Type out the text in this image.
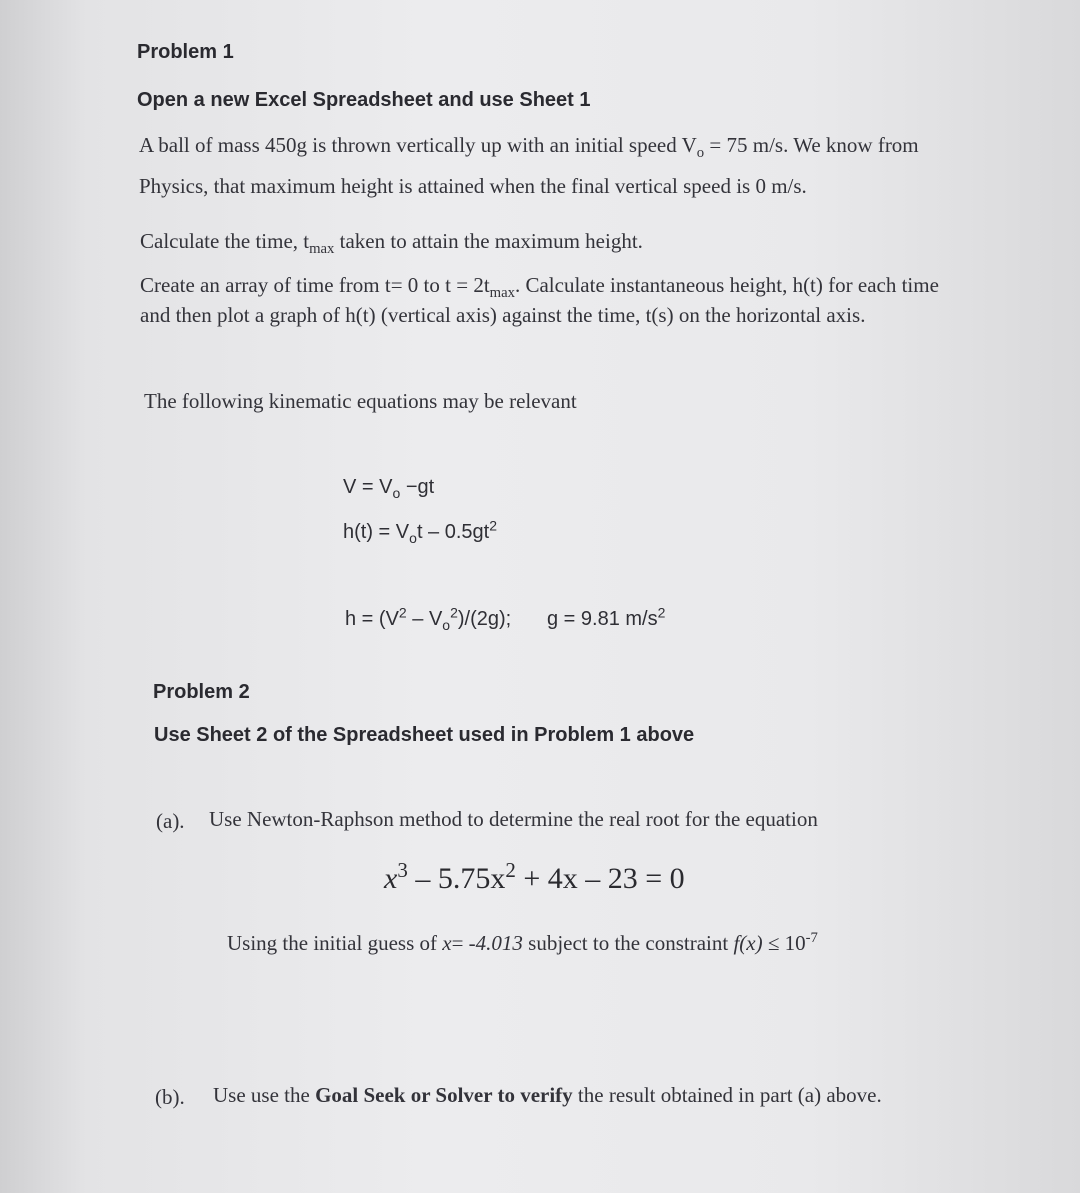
Problem 1
Open a new Excel Spreadsheet and use Sheet 1
A ball of mass 450g is thrown vertically up with an initial speed $V_o = 75$ m/s. We know from
Physics, that maximum height is attained when the final vertical speed is 0 m/s.
Calculate the time, $t_{max}$ taken to attain the maximum height.
Create an array of time from t= 0 to $t = 2t_{max}$. Calculate instantaneous height, h(t) for each time
and then plot a graph of h(t) (vertical axis) against the time, t(s) on the horizontal axis.
The following kinematic equations may be relevant
$V = V_o -gt$
$h(t) = V_ot - 0.5gt^2$
$h = (V^2 - V_o^2)/(2g)$; g = 9.81 $m/s^2$
Problem 2
Use Sheet 2 of the Spreadsheet used in Problem 1 above
(a). Use Newton-Raphson method to determine the real root for the equation
$x^3 - 5.75x^2 + 4x - 23 = 0$
Using the initial guess of x= -4.013 subject to the constraint $f(x) \le 10^{-7}$
(b). Use use the Goal Seek or Solver to verify the result obtained in part (a) above.
